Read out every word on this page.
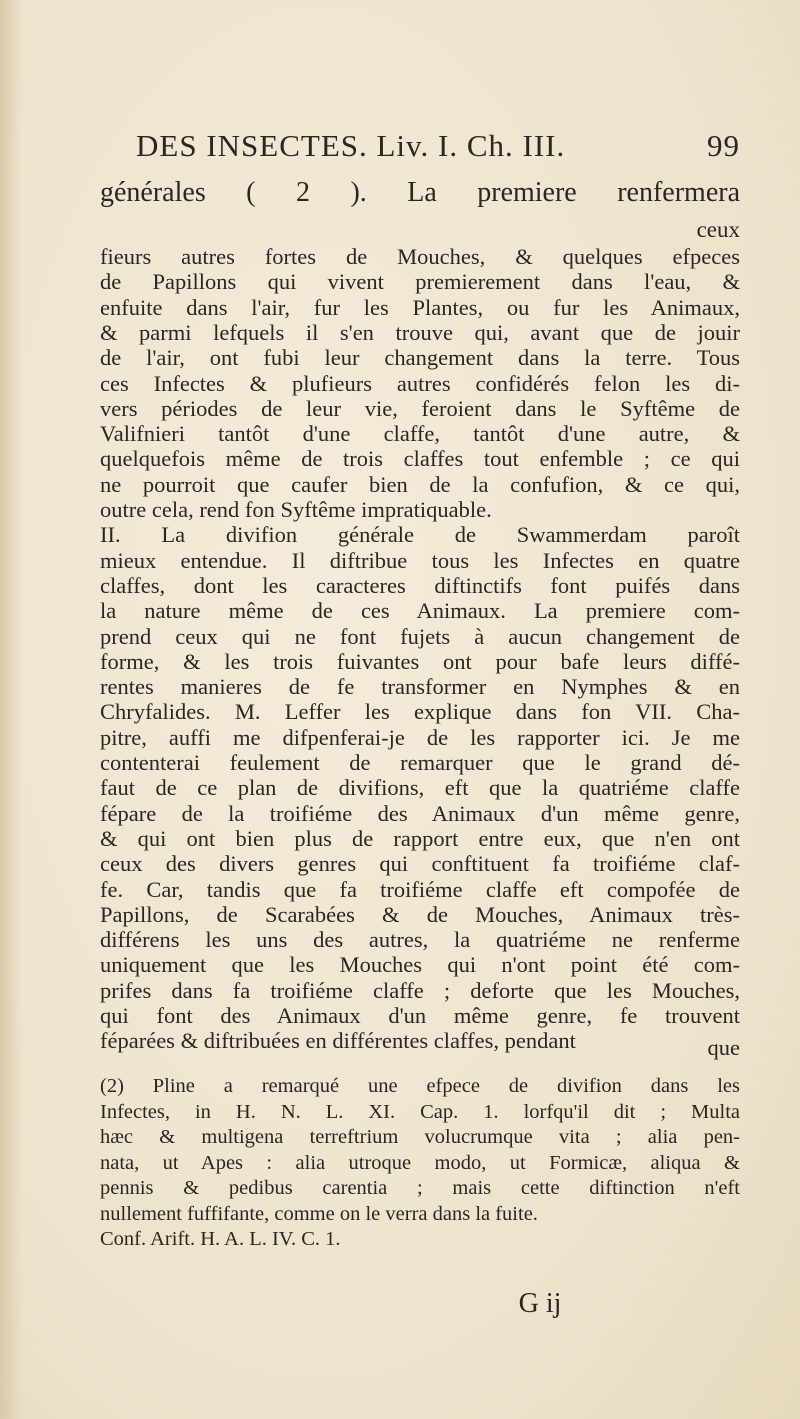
DES INSECTES. Liv. I. Ch. III.	99
générales ( 2 ). La premiere renfermera
ceux
fieurs autres fortes de Mouches, & quelques efpeces
de Papillons qui vivent premierement dans l'eau, &
enfuite dans l'air, fur les Plantes, ou fur les Animaux,
& parmi lefquels il s'en trouve qui, avant que de jouir
de l'air, ont fubi leur changement dans la terre. Tous
ces Infectes & plufieurs autres confidérés felon les di-
vers périodes de leur vie, feroient dans le Syftême de
Valifnieri tantôt d'une claffe, tantôt d'une autre, &
quelquefois même de trois claffes tout enfemble ; ce qui
ne pourroit que caufer bien de la confufion, & ce qui,
outre cela, rend fon Syftême impratiquable.
II. La divifion générale de Swammerdam paroît
mieux entendue. Il diftribue tous les Infectes en quatre
claffes, dont les caracteres diftinctifs font puifés dans
la nature même de ces Animaux. La premiere com-
prend ceux qui ne font fujets à aucun changement de
forme, & les trois fuivantes ont pour bafe leurs diffé-
rentes manieres de fe transformer en Nymphes & en
Chryfalides. M. Leffer les explique dans fon VII. Cha-
pitre, auffi me difpenferai-je de les rapporter ici. Je me
contenterai feulement de remarquer que le grand dé-
faut de ce plan de divifions, eft que la quatriéme claffe
fépare de la troifiéme des Animaux d'un même genre,
& qui ont bien plus de rapport entre eux, que n'en ont
ceux des divers genres qui conftituent fa troifiéme claf-
fe. Car, tandis que fa troifiéme claffe eft compofée de
Papillons, de Scarabées & de Mouches, Animaux très-
différens les uns des autres, la quatriéme ne renferme
uniquement que les Mouches qui n'ont point été com-
prifes dans fa troifiéme claffe ; deforte que les Mouches,
qui font des Animaux d'un même genre, fe trouvent
féparées & diftribuées en différentes claffes, pendant	que
(2) Pline a remarqué une efpece de divifion dans les
Infectes, in H. N. L. XI. Cap. 1. lorfqu'il dit ; Multa
hæc & multigena terreftrium volucrumque vita ; alia pen-
nata, ut Apes : alia utroque modo, ut Formicæ, aliqua &
pennis & pedibus carentia ; mais cette diftinction n'eft
nullement fuffifante, comme on le verra dans la fuite.
Conf. Arift. H. A. L. IV. C. 1.
G ij
